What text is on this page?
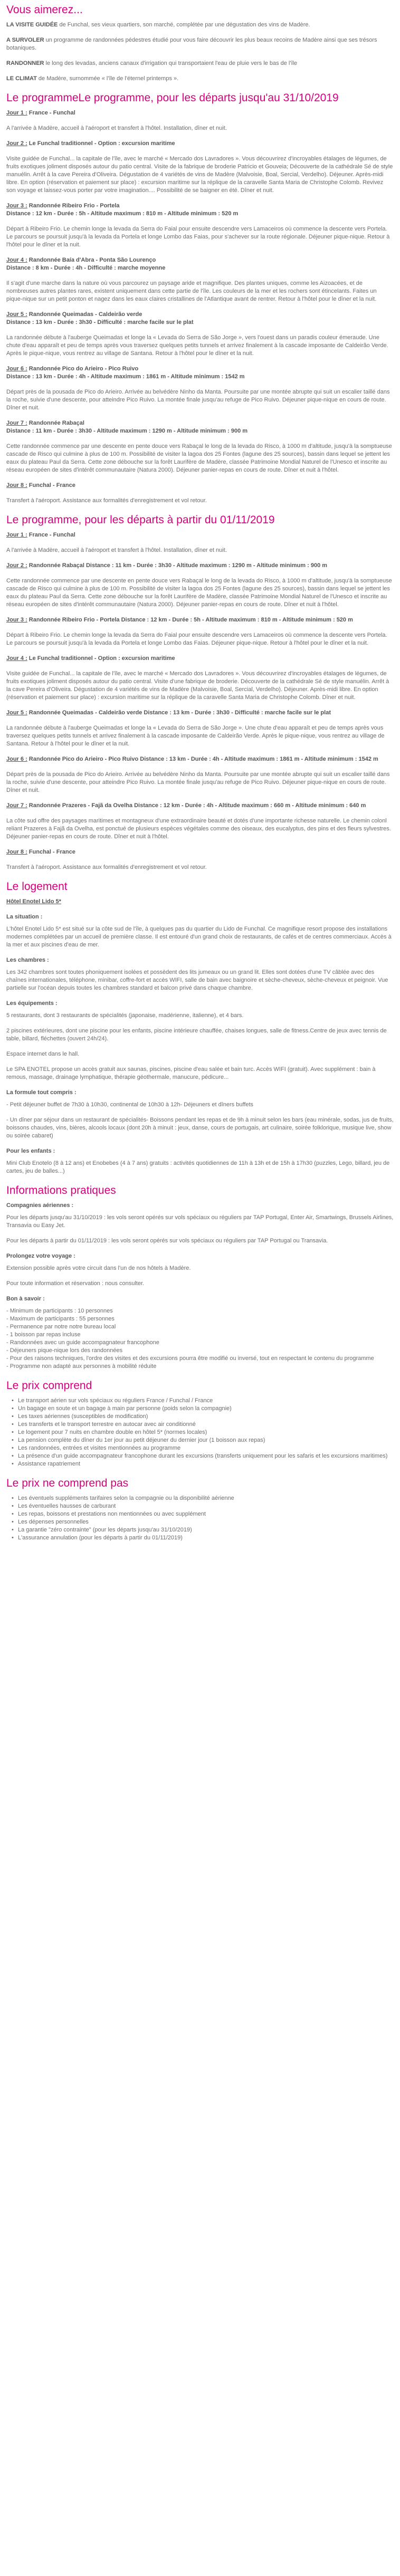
Vous aimerez...

LA VISITE GUIDÉE de Funchal, ses vieux quartiers, son marché, complétée par une dégustation des vins de Madère.

A SURVOLER un programme de randonnées pédestres étudié pour vous faire découvrir les plus beaux recoins de Madère ainsi que ses trésors botaniques.

RANDONNER le long des levadas, anciens canaux d'irrigation qui transportaient l'eau de pluie vers le bas de l'île

LE CLIMAT de Madère, surnommée « l'île de l'éternel printemps ».

Le programmeLe programme, pour les départs jusqu'au 31/10/2019

Jour 1 : France - Funchal

A l'arrivée à Madère, accueil à l'aéroport et transfert à l'hôtel. Installation, dîner et nuit.

Jour 2 : Le Funchal traditionnel - Option : excursion maritime

Visite guidée de Funchal... la capitale de l'île, avec le marché « Mercado dos Lavradores ». Vous découvrirez d'incroyables étalages de légumes, de fruits exotiques joliment disposés autour du patio central. Visite de la fabrique de broderie Patricio et Gouveia; Découverte de la cathédrale Sé de style manuélin. Arrêt à la cave Pereira d'Oliveira. Dégustation de 4 variétés de vins de Madère (Malvoisie, Boal, Sercial, Verdelho). Déjeuner. Après-midi libre. En option (réservation et paiement sur place) : excursion maritime sur la réplique de la caravelle Santa Maria de Christophe Colomb. Revivez son voyage et laissez-vous porter par votre imagination.... Possibilité de se baigner en été. Dîner et nuit.

Jour 3 : Randonnée Ribeiro Frio - Portela
Distance : 12 km - Durée : 5h - Altitude maximum : 810 m - Altitude minimum : 520 m

Départ à Ribeiro Frio. Le chemin longe la levada da Serra do Faial pour ensuite descendre vers Lamaceiros où commence la descente vers Portela. Le parcours se poursuit jusqu'à la levada da Portela et longe Lombo das Faias, pour s'achever sur la route régionale. Déjeuner pique-nique. Retour à l'hôtel pour le dîner et la nuit.

Jour 4 : Randonnée Baía d'Abra - Ponta São Lourenço
Distance : 8 km - Durée : 4h - Difficulté : marche moyenne

Il s'agit d'une marche dans la nature où vous parcourez un paysage aride et magnifique. Des plantes uniques, comme les Aizoacées, et de nombreuses autres plantes rares, existent uniquement dans cette partie de l'île. Les couleurs de la mer et les rochers sont étincelants. Faites un pique-nique sur un petit ponton et nagez dans les eaux claires cristallines de l'Atlantique avant de rentrer. Retour à l'hôtel pour le dîner et la nuit.

Jour 5 : Randonnée Queimadas - Caldeirão verde
Distance : 13 km - Durée : 3h30 - Difficulté : marche facile sur le plat

La randonnée débute à l'auberge Queimadas et longe la « Levada do Serra de São Jorge », vers l'ouest dans un paradis couleur émeraude. Une chute d'eau apparaît et peu de temps après vous traversez quelques petits tunnels et arrivez finalement à la cascade imposante de Caldeirão Verde. Après le pique-nique, vous rentrez au village de Santana. Retour à l'hôtel pour le dîner et la nuit.

Jour 6 : Randonnée Pico do Arieiro - Pico Ruivo
Distance : 13 km - Durée : 4h - Altitude maximum : 1861 m - Altitude minimum : 1542 m

Départ près de la pousada de Pico do Arieiro. Arrivée au belvédère Ninho da Manta. Poursuite par une montée abrupte qui suit un escalier taillé dans la roche, suivie d'une descente, pour atteindre Pico Ruivo. La montée finale jusqu'au refuge de Pico Ruivo. Déjeuner pique-nique en cours de route. Dîner et nuit.

Jour 7 : Randonnée Rabaçal
Distance : 11 km - Durée : 3h30 - Altitude maximum : 1290 m - Altitude minimum : 900 m

Cette randonnée commence par une descente en pente douce vers Rabaçal le long de la levada do Risco, à 1000 m d'altitude, jusqu'à la somptueuse cascade de Risco qui culmine à plus de 100 m. Possibilité de visiter la lagoa dos 25 Fontes (lagune des 25 sources), bassin dans lequel se jettent les eaux du plateau Paul da Serra. Cette zone débouche sur la forêt Laurifère de Madère, classée Patrimoine Mondial Naturel de l'Unesco et inscrite au réseau européen de sites d'intérêt communautaire (Natura 2000). Déjeuner panier-repas en cours de route. Dîner et nuit à l'hôtel.

Jour 8 : Funchal - France

Transfert à l'aéroport. Assistance aux formalités d'enregistrement et vol retour.

Le programme, pour les départs à partir du 01/11/2019

Jour 1 : France - Funchal

A l'arrivée à Madère, accueil à l'aéroport et transfert à l'hôtel. Installation, dîner et nuit.

Jour 2 : Randonnée Rabaçal Distance : 11 km - Durée : 3h30 - Altitude maximum : 1290 m - Altitude minimum : 900 m

Cette randonnée commence par une descente en pente douce vers Rabaçal le long de la levada do Risco, à 1000 m d'altitude, jusqu'à la somptueuse cascade de Risco qui culmine à plus de 100 m. Possibilité de visiter la lagoa dos 25 Fontes (lagune des 25 sources), bassin dans lequel se jettent les eaux du plateau Paul da Serra. Cette zone débouche sur la forêt Laurifère de Madère, classée Patrimoine Mondial Naturel de l'Unesco et inscrite au réseau européen de sites d'intérêt communautaire (Natura 2000). Déjeuner panier-repas en cours de route. Dîner et nuit à l'hôtel.

Jour 3 : Randonnée Ribeiro Frio - Portela Distance : 12 km - Durée : 5h - Altitude maximum : 810 m - Altitude minimum : 520 m

Départ à Ribeiro Frio. Le chemin longe la levada da Serra do Faial pour ensuite descendre vers Lamaceiros où commence la descente vers Portela. Le parcours se poursuit jusqu'à la levada da Portela et longe Lombo das Faias. Déjeuner pique-nique. Retour à l'hôtel pour le dîner et la nuit.

Jour 4 : Le Funchal traditionnel - Option : excursion maritime

Visite guidée de Funchal... la capitale de l'île, avec le marché « Mercado dos Lavradores ». Vous découvrirez d'incroyables étalages de légumes, de fruits exotiques joliment disposés autour du patio central. Visite d'une fabrique de broderie. Découverte de la cathédrale Sé de style manuélin. Arrêt à la cave Pereira d'Oliveira. Dégustation de 4 variétés de vins de Madère (Malvoisie, Boal, Sercial, Verdelho). Déjeuner. Après-midi libre. En option (réservation et paiement sur place) : excursion maritime sur la réplique de la caravelle Santa Maria de Christophe Colomb. Dîner et nuit.

Jour 5 : Randonnée Queimadas - Caldeirão verde Distance : 13 km - Durée : 3h30 - Difficulté : marche facile sur le plat

La randonnée débute à l'auberge Queimadas et longe la « Levada do Serra de São Jorge ». Une chute d'eau apparaît et peu de temps après vous traversez quelques petits tunnels et arrivez finalement à la cascade imposante de Caldeirão Verde. Après le pique-nique, vous rentrez au village de Santana. Retour à l'hôtel pour le dîner et la nuit.

Jour 6 : Randonnée Pico do Arieiro - Pico Ruivo Distance : 13 km - Durée : 4h - Altitude maximum : 1861 m - Altitude minimum : 1542 m

Départ près de la pousada de Pico do Arieiro. Arrivée au belvédère Ninho da Manta. Poursuite par une montée abrupte qui suit un escalier taillé dans la roche, suivie d'une descente, pour atteindre Pico Ruivo. La montée finale jusqu'au refuge de Pico Ruivo. Déjeuner pique-nique en cours de route. Dîner et nuit.

Jour 7 : Randonnée Prazeres - Fajã da Ovelha Distance : 12 km - Durée : 4h - Altitude maximum : 660 m - Altitude minimum : 640 m

La côte sud offre des paysages maritimes et montagneux d'une extraordinaire beauté et dotés d'une importante richesse naturelle. Le chemin colonl reliant Prazeres à Fajã da Ovelha, est ponctué de plusieurs espèces végétales comme des oiseaux, des eucalyptus, des pins et des fleurs sylvestres. Déjeuner panier-repas en cours de route. Dîner et nuit à l'hôtel.

Jour 8 : Funchal - France

Transfert à l'aéroport. Assistance aux formalités d'enregistrement et vol retour.

Le logement

Hôtel Enotel Lido 5*

La situation :

L'hôtel Enotel Lido 5* est situé sur la côte sud de l'île, à quelques pas du quartier du Lido de Funchal. Ce magnifique resort propose des installations modernes complétées par un accueil de première classe. Il est entouré d'un grand choix de restaurants, de cafés et de centres commerciaux. Accès à la mer et aux piscines d'eau de mer.

Les chambres :

Les 342 chambres sont toutes phoniquement isolées et possèdent des lits jumeaux ou un grand lit. Elles sont dotées d'une TV câblée avec des chaînes internationales, téléphone, minibar, coffre-fort et accès WIFI, salle de bain avec baignoire et sèche-cheveux, sèche-cheveux et peignoir. Vue partielle sur l'océan depuis toutes les chambres standard et balcon privé dans chaque chambre.

Les équipements :

5 restaurants, dont 3 restaurants de spécialités (japonaise, madérienne, italienne), et 4 bars.

2 piscines extérieures, dont une piscine pour les enfants, piscine intérieure chauffée, chaises longues, salle de fitness.Centre de jeux avec tennis de table, billard, fléchettes (ouvert 24h/24).

Espace internet dans le hall.

Le SPA ENOTEL propose un accès gratuit aux saunas, piscines, piscine d'eau salée et bain turc. Accès WIFI (gratuit). Avec supplément : bain à remous, massage, drainage lymphatique, thérapie géothermale, manucure, pédicure...

La formule tout compris :

- Petit déjeuner buffet de 7h30 à 10h30, continental de 10h30 à 12h- Déjeuners et dîners buffets

- Un dîner par séjour dans un restaurant de spécialités- Boissons pendant les repas et de 9h à minuit selon les bars (eau minérale, sodas, jus de fruits, boissons chaudes, vins, bières, alcools locaux (dont 20h à minuit : jeux, danse, cours de portugais, art culinaire, soirée folklorique, musique live, show ou soirée cabaret)

Pour les enfants :

Mini Club Enotelo (8 à 12 ans) et Enobebes (4 à 7 ans) gratuits : activités quotidiennes de 11h à 13h et de 15h à 17h30 (puzzles, Lego, billard, jeu de cartes, jeu de balles...)

Informations pratiques

Compagnies aériennes :

Pour les départs jusqu'au 31/10/2019 : les vols seront opérés sur vols spéciaux ou réguliers par TAP Portugal, Enter Air, Smartwings, Brussels Airlines, Transavia ou Easy Jet.

Pour les départs à partir du 01/11/2019 : les vols seront opérés sur vols spéciaux ou réguliers par TAP Portugal ou Transavia.

Prolongez votre voyage :

Extension possible après votre circuit dans l'un de nos hôtels à Madère.

Pour toute information et réservation : nous consulter.

Bon à savoir :

- Minimum de participants : 10 personnes
- Maximum de participants : 55 personnes
- Permanence par notre notre bureau local
- 1 boisson par repas incluse
- Randonnées avec un guide accompagnateur francophone
- Déjeuners pique-nique lors des randonnées
- Pour des raisons techniques, l'ordre des visites et des excursions pourra être modifié ou inversé, tout en respectant le contenu du programme
- Programme non adapté aux personnes à mobilité réduite
Le prix comprend
• Le transport aérien sur vols spéciaux ou réguliers France / Funchal / France
• Un bagage en soute et un bagage à main par personne (poids selon la compagnie)
• Les taxes aériennes (susceptibles de modification)
• Les transferts et le transport terrestre en autocar avec air conditionné
• Le logement pour 7 nuits en chambre double en hôtel 5* (normes locales)
• La pension complète du dîner du 1er jour au petit déjeuner du dernier jour (1 boisson aux repas)
• Les randonnées, entrées et visites mentionnées au programme
• La présence d'un guide accompagnateur francophone durant les excursions (transferts uniquement pour les safaris et les excursions maritimes)
• Assistance rapatriement
Le prix ne comprend pas
• Les éventuels suppléments tarifaires selon la compagnie ou la disponibilité aérienne
• Les éventuelles hausses de carburant
• Les repas, boissons et prestations non mentionnées ou avec supplément
• Les dépenses personnelles
• La garantie "zéro contrainte" (pour les départs jusqu'au 31/10/2019)
• L'assurance annulation (pour les départs à partir du 01/11/2019)
